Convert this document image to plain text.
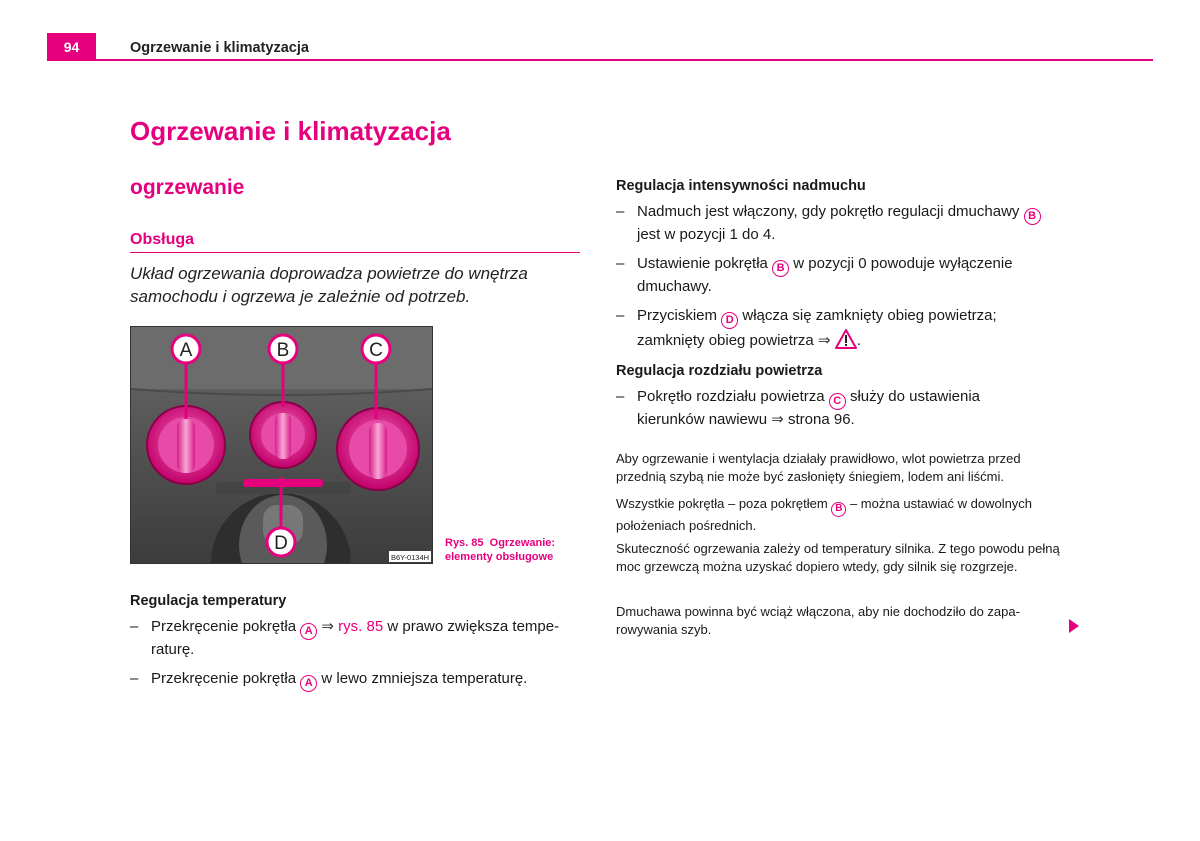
94	Ogrzewanie i klimatyzacja
Ogrzewanie i klimatyzacja
ogrzewanie
Obsługa
Układ ogrzewania doprowadza powietrze do wnętrza samochodu i ogrzewa je zależnie od potrzeb.
A	B	C
D
B6Y-0134H
Rys. 85 Ogrzewanie: elementy obsługowe
Regulacja temperatury
– Przekręcenie pokrętła A ⇒ rys. 85 w prawo zwiększa tempe-
raturę.
– Przekręcenie pokrętła A w lewo zmniejsza temperaturę.
Regulacja intensywności nadmuchu
– Nadmuch jest włączony, gdy pokrętło regulacji dmuchawy B
jest w pozycji 1 do 4.
– Ustawienie pokrętła B w pozycji 0 powoduje wyłączenie dmuchawy.
– Przyciskiem D włącza się zamknięty obieg powietrza;
zamknięty obieg powietrza ⇒ .
Regulacja rozdziału powietrza
– Pokrętło rozdziału powietrza C służy do ustawienia
kierunków nawiewu ⇒ strona 96.
Aby ogrzewanie i wentylacja działały prawidłowo, wlot powietrza przed przednią szybą nie może być zasłonięty śniegiem, lodem ani liśćmi.
Wszystkie pokrętła – poza pokrętłem B – można ustawiać w dowolnych położeniach pośrednich.
Skuteczność ogrzewania zależy od temperatury silnika. Z tego powodu pełną moc grzewczą można uzyskać dopiero wtedy, gdy silnik się rozgrzeje.
Dmuchawa powinna być wciąż włączona, aby nie dochodziło do zapa-rowywania szyb.
